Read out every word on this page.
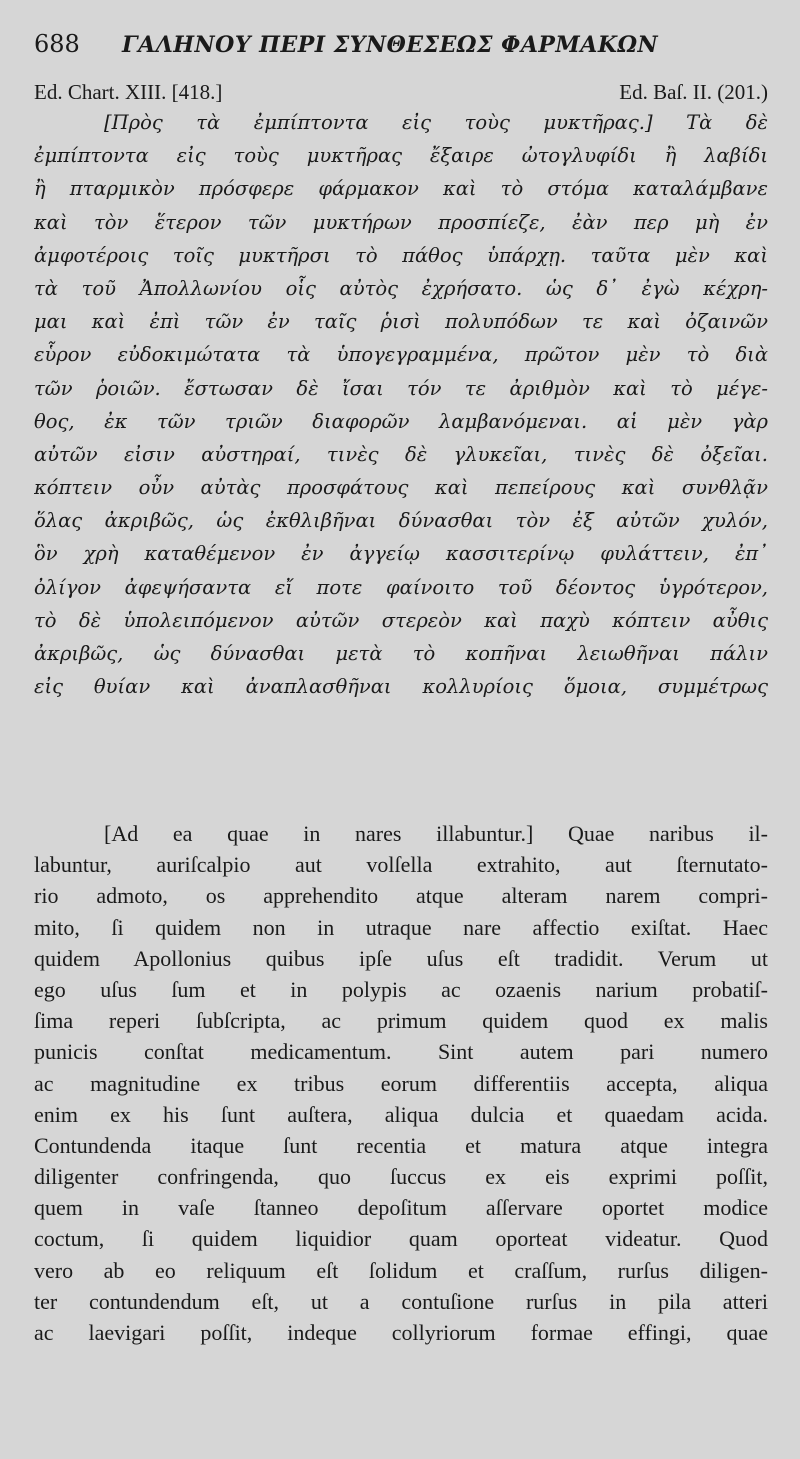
688 ΓΑΛΗΝΟΥ ΠΕΡΙ ΣΥΝΘΕΣΕΩΣ ΦΑΡΜΑΚΩΝ
Ed. Chart. XIII. [418.]	Ed. Baſ. II. (201.)
[Πρὸς τὰ ἐμπίπτοντα εἰς τοὺς μυκτῆρας.] Τὰ δὲ
ἐμπίπτοντα εἰς τοὺς μυκτῆρας ἔξαιρε ὠτογλυφίδι ἢ λαβίδι
ἢ πταρμικὸν πρόσφερε φάρμακον καὶ τὸ στόμα καταλάμβανε
καὶ τὸν ἕτερον τῶν μυκτήρων προσπίεζε, ἐὰν περ μὴ ἐν
ἀμφοτέροις τοῖς μυκτῆρσι τὸ πάθος ὑπάρχῃ. ταῦτα μὲν καὶ
τὰ τοῦ Ἀπολλωνίου οἷς αὐτὸς ἐχρήσατο. ὡς δ᾽ ἐγὼ κέχρη-
μαι καὶ ἐπὶ τῶν ἐν ταῖς ῥισὶ πολυπόδων τε καὶ ὀζαινῶν
εὗρον εὐδοκιμώτατα τὰ ὑπογεγραμμένα, πρῶτον μὲν τὸ διὰ
τῶν ῥοιῶν. ἔστωσαν δὲ ἴσαι τόν τε ἀριθμὸν καὶ τὸ μέγε-
θος, ἐκ τῶν τριῶν διαφορῶν λαμβανόμεναι. αἱ μὲν γὰρ
αὐτῶν εἰσιν αὐστηραί, τινὲς δὲ γλυκεῖαι, τινὲς δὲ ὀξεῖαι.
κόπτειν οὖν αὐτὰς προσφάτους καὶ πεπείρους καὶ συνθλᾷν
ὅλας ἀκριβῶς, ὡς ἐκθλιβῆναι δύνασθαι τὸν ἐξ αὐτῶν χυλόν,
ὃν χρὴ καταθέμενον ἐν ἀγγείῳ κασσιτερίνῳ φυλάττειν, ἐπ᾽
ὀλίγον ἀφεψήσαντα εἴ ποτε φαίνοιτο τοῦ δέοντος ὑγρότερον,
τὸ δὲ ὑπολειπόμενον αὐτῶν στερεὸν καὶ παχὺ κόπτειν αὖθις
ἀκριβῶς, ὡς δύνασθαι μετὰ τὸ κοπῆναι λειωθῆναι πάλιν
εἰς θυίαν καὶ ἀναπλασθῆναι κολλυρίοις ὅμοια, συμμέτρως
[Ad ea quae in nares illabuntur.] Quae naribus il-
labuntur, auriſcalpio aut volſella extrahito, aut ſternutato-
rio admoto, os apprehendito atque alteram narem compri-
mito, ſi quidem non in utraque nare affectio exiſtat. Haec
quidem Apollonius quibus ipſe uſus eſt tradidit. Verum ut
ego uſus ſum et in polypis ac ozaenis narium probatiſ-
ſima reperi ſubſcripta, ac primum quidem quod ex malis
punicis conſtat medicamentum. Sint autem pari numero
ac magnitudine ex tribus eorum differentiis accepta, aliqua
enim ex his ſunt auſtera, aliqua dulcia et quaedam acida.
Contundenda itaque ſunt recentia et matura atque integra
diligenter confringenda, quo ſuccus ex eis exprimi poſſit,
quem in vaſe ſtanneo depoſitum aſſervare oportet modice
coctum, ſi quidem liquidior quam oporteat videatur. Quod
vero ab eo reliquum eſt ſolidum et craſſum, rurſus diligen-
ter contundendum eſt, ut a contuſione rurſus in pila atteri
ac laevigari poſſit, indeque collyriorum formae effingi, quae
